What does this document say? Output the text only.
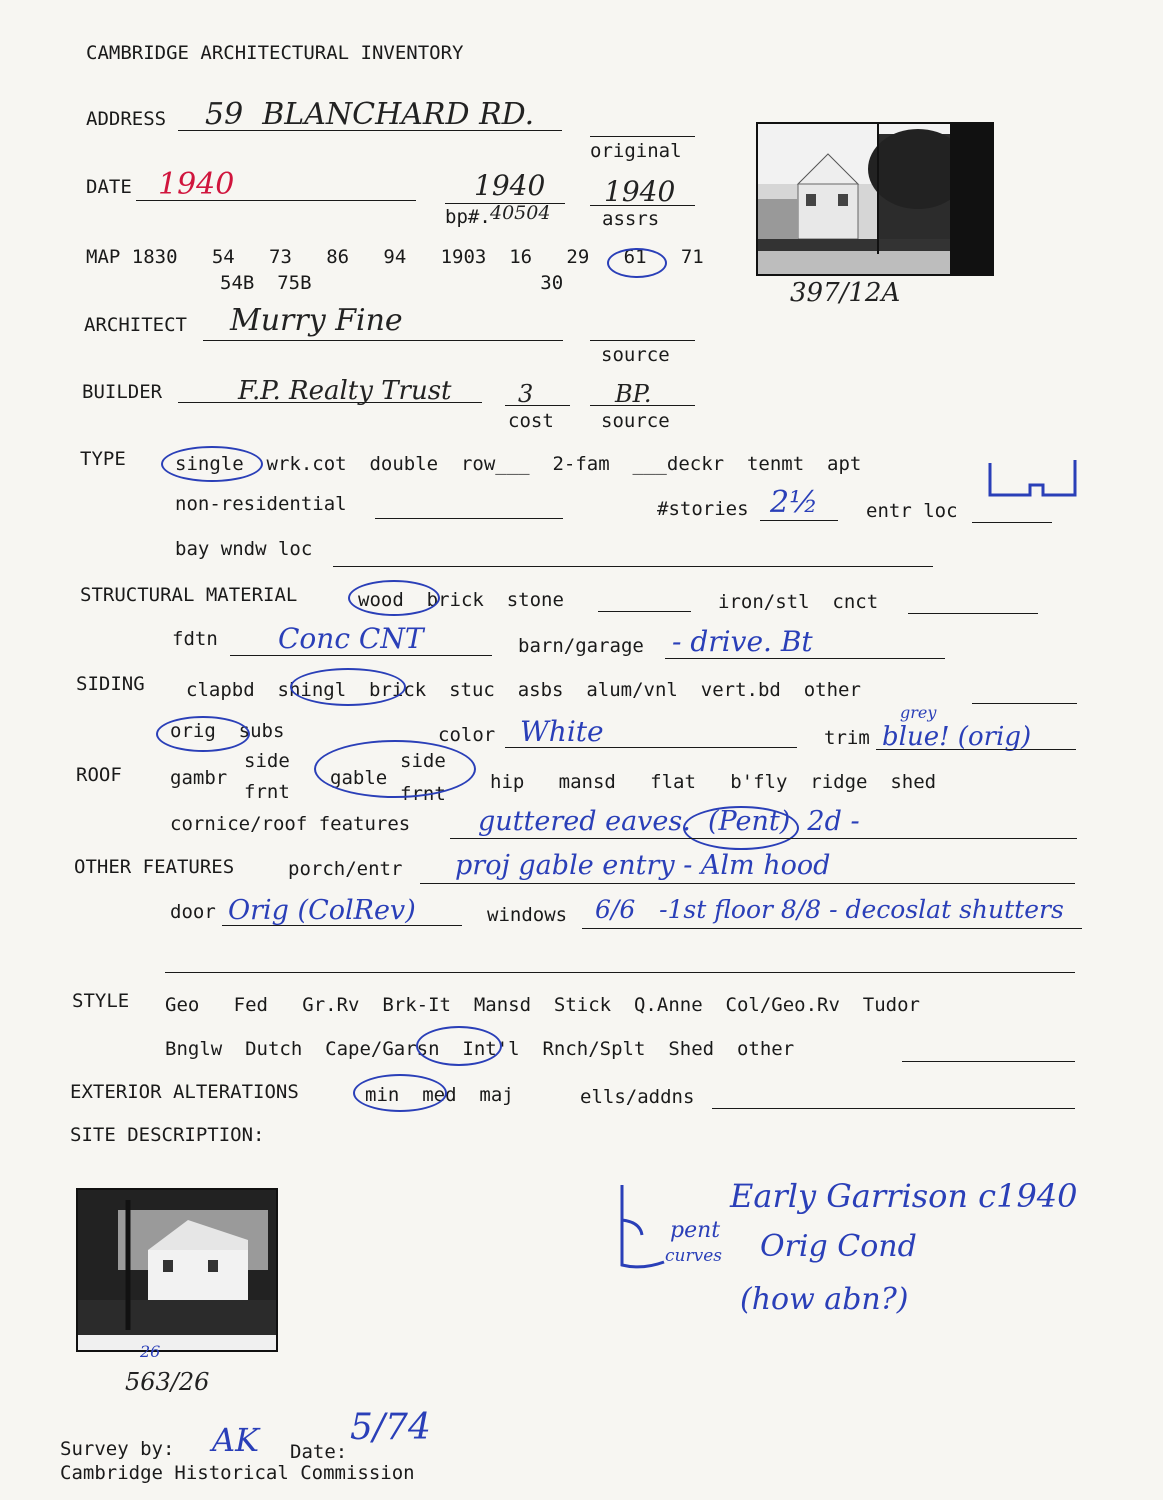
CAMBRIDGE ARCHITECTURAL INVENTORY
ADDRESS 59  BLANCHARD RD.
original
DATE 1940	1940
bp#. 40504
1940
assrs
MAP 1830   54   73   86   94   1903  16   29   61   71
54B  75B                    30
ARCHITECT Murry Fine
source
BUILDER	F.P. Realty Trust	3
cost
BP.
source
TYPE	single  wrk.cot  double  row___  2-fam  ___deckr  tenmt  apt
non-residential	#stories 2½	entr loc
bay wndw loc
STRUCTURAL MATERIAL	wood  brick  stone	iron/stl  cnct
fdtn Conc CNT	barn/garage - drive. Bt
SIDING clapbd  shingl  brick  stuc  asbs  alum/vnl  vert.bd  other
orig  subs	color White	trim
grey
blue! (orig)
ROOF	gambr
side
frnt
gable
side
frnt
hip   mansd   flat   b'fly  ridge  shed
cornice/roof features	guttered eaves.  (Pent)  2d -
OTHER FEATURES	porch/entr proj gable entry - Alm hood
door Orig (ColRev)	windows 6/6   -1st floor 8/8 - decoslat shutters
STYLE Geo   Fed   Gr.Rv  Brk-It  Mansd  Stick  Q.Anne  Col/Geo.Rv  Tudor
Bnglw  Dutch  Cape/Garsn  Int'l  Rnch/Splt  Shed  other
EXTERIOR ALTERATIONS	min  med  maj	ells/addns
SITE DESCRIPTION:
397/12A
26
563/26
Early Garrison c1940
Orig Cond
(how abn?)
pent
curves
Survey by: AK Date:
5/74
Cambridge Historical Commission
